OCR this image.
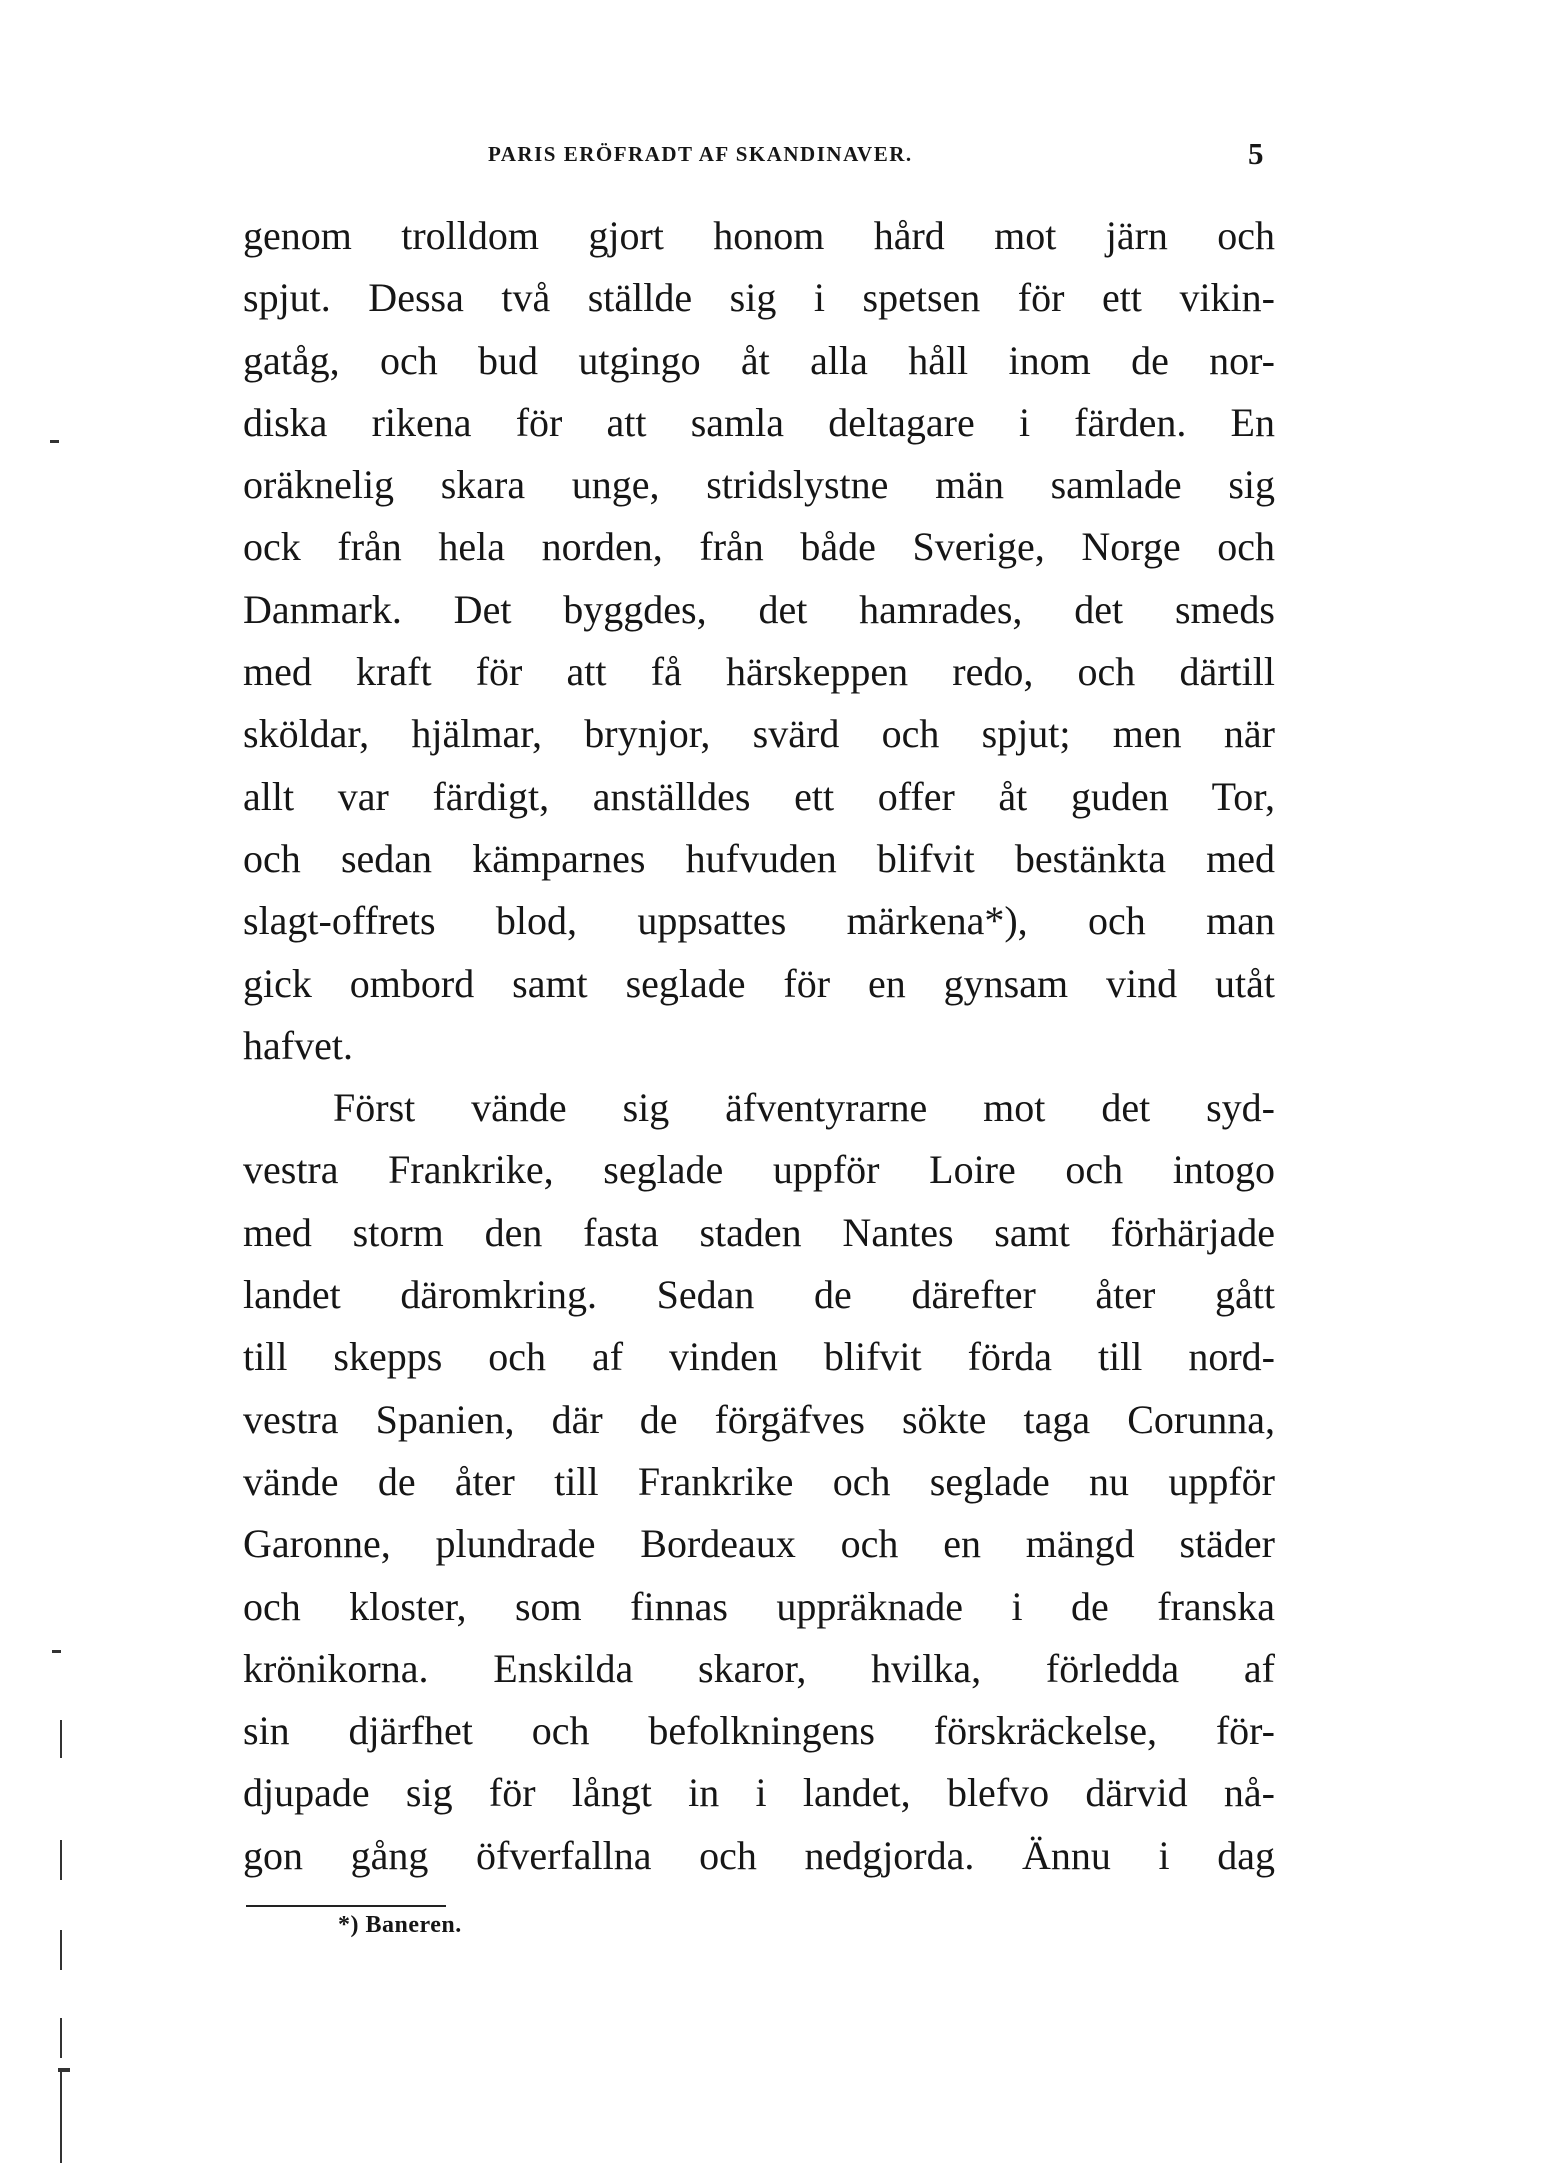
PARIS ERÖFRADT AF SKANDINAVER.	5
genom trolldom gjort honom hård mot järn och
spjut. Dessa två ställde sig i spetsen för ett vikin-
gatåg, och bud utgingo åt alla håll inom de nor-
diska rikena för att samla deltagare i färden. En
oräknelig skara unge, stridslystne män samlade sig
ock från hela norden, från både Sverige, Norge och
Danmark. Det byggdes, det hamrades, det smeds
med kraft för att få härskeppen redo, och därtill
sköldar, hjälmar, brynjor, svärd och spjut; men när
allt var färdigt, anställdes ett offer åt guden Tor,
och sedan kämparnes hufvuden blifvit bestänkta med
slagt-offrets blod, uppsattes märkena*), och man
gick ombord samt seglade för en gynsam vind utåt
hafvet.
Först vände sig äfventyrarne mot det syd-
vestra Frankrike, seglade uppför Loire och intogo
med storm den fasta staden Nantes samt förhärjade
landet däromkring. Sedan de därefter åter gått
till skepps och af vinden blifvit förda till nord-
vestra Spanien, där de förgäfves sökte taga Corunna,
vände de åter till Frankrike och seglade nu uppför
Garonne, plundrade Bordeaux och en mängd städer
och kloster, som finnas uppräknade i de franska
krönikorna. Enskilda skaror, hvilka, förledda af
sin djärfhet och befolkningens förskräckelse, för-
djupade sig för långt in i landet, blefvo därvid nå-
gon gång öfverfallna och nedgjorda. Ännu i dag
*) Baneren.
